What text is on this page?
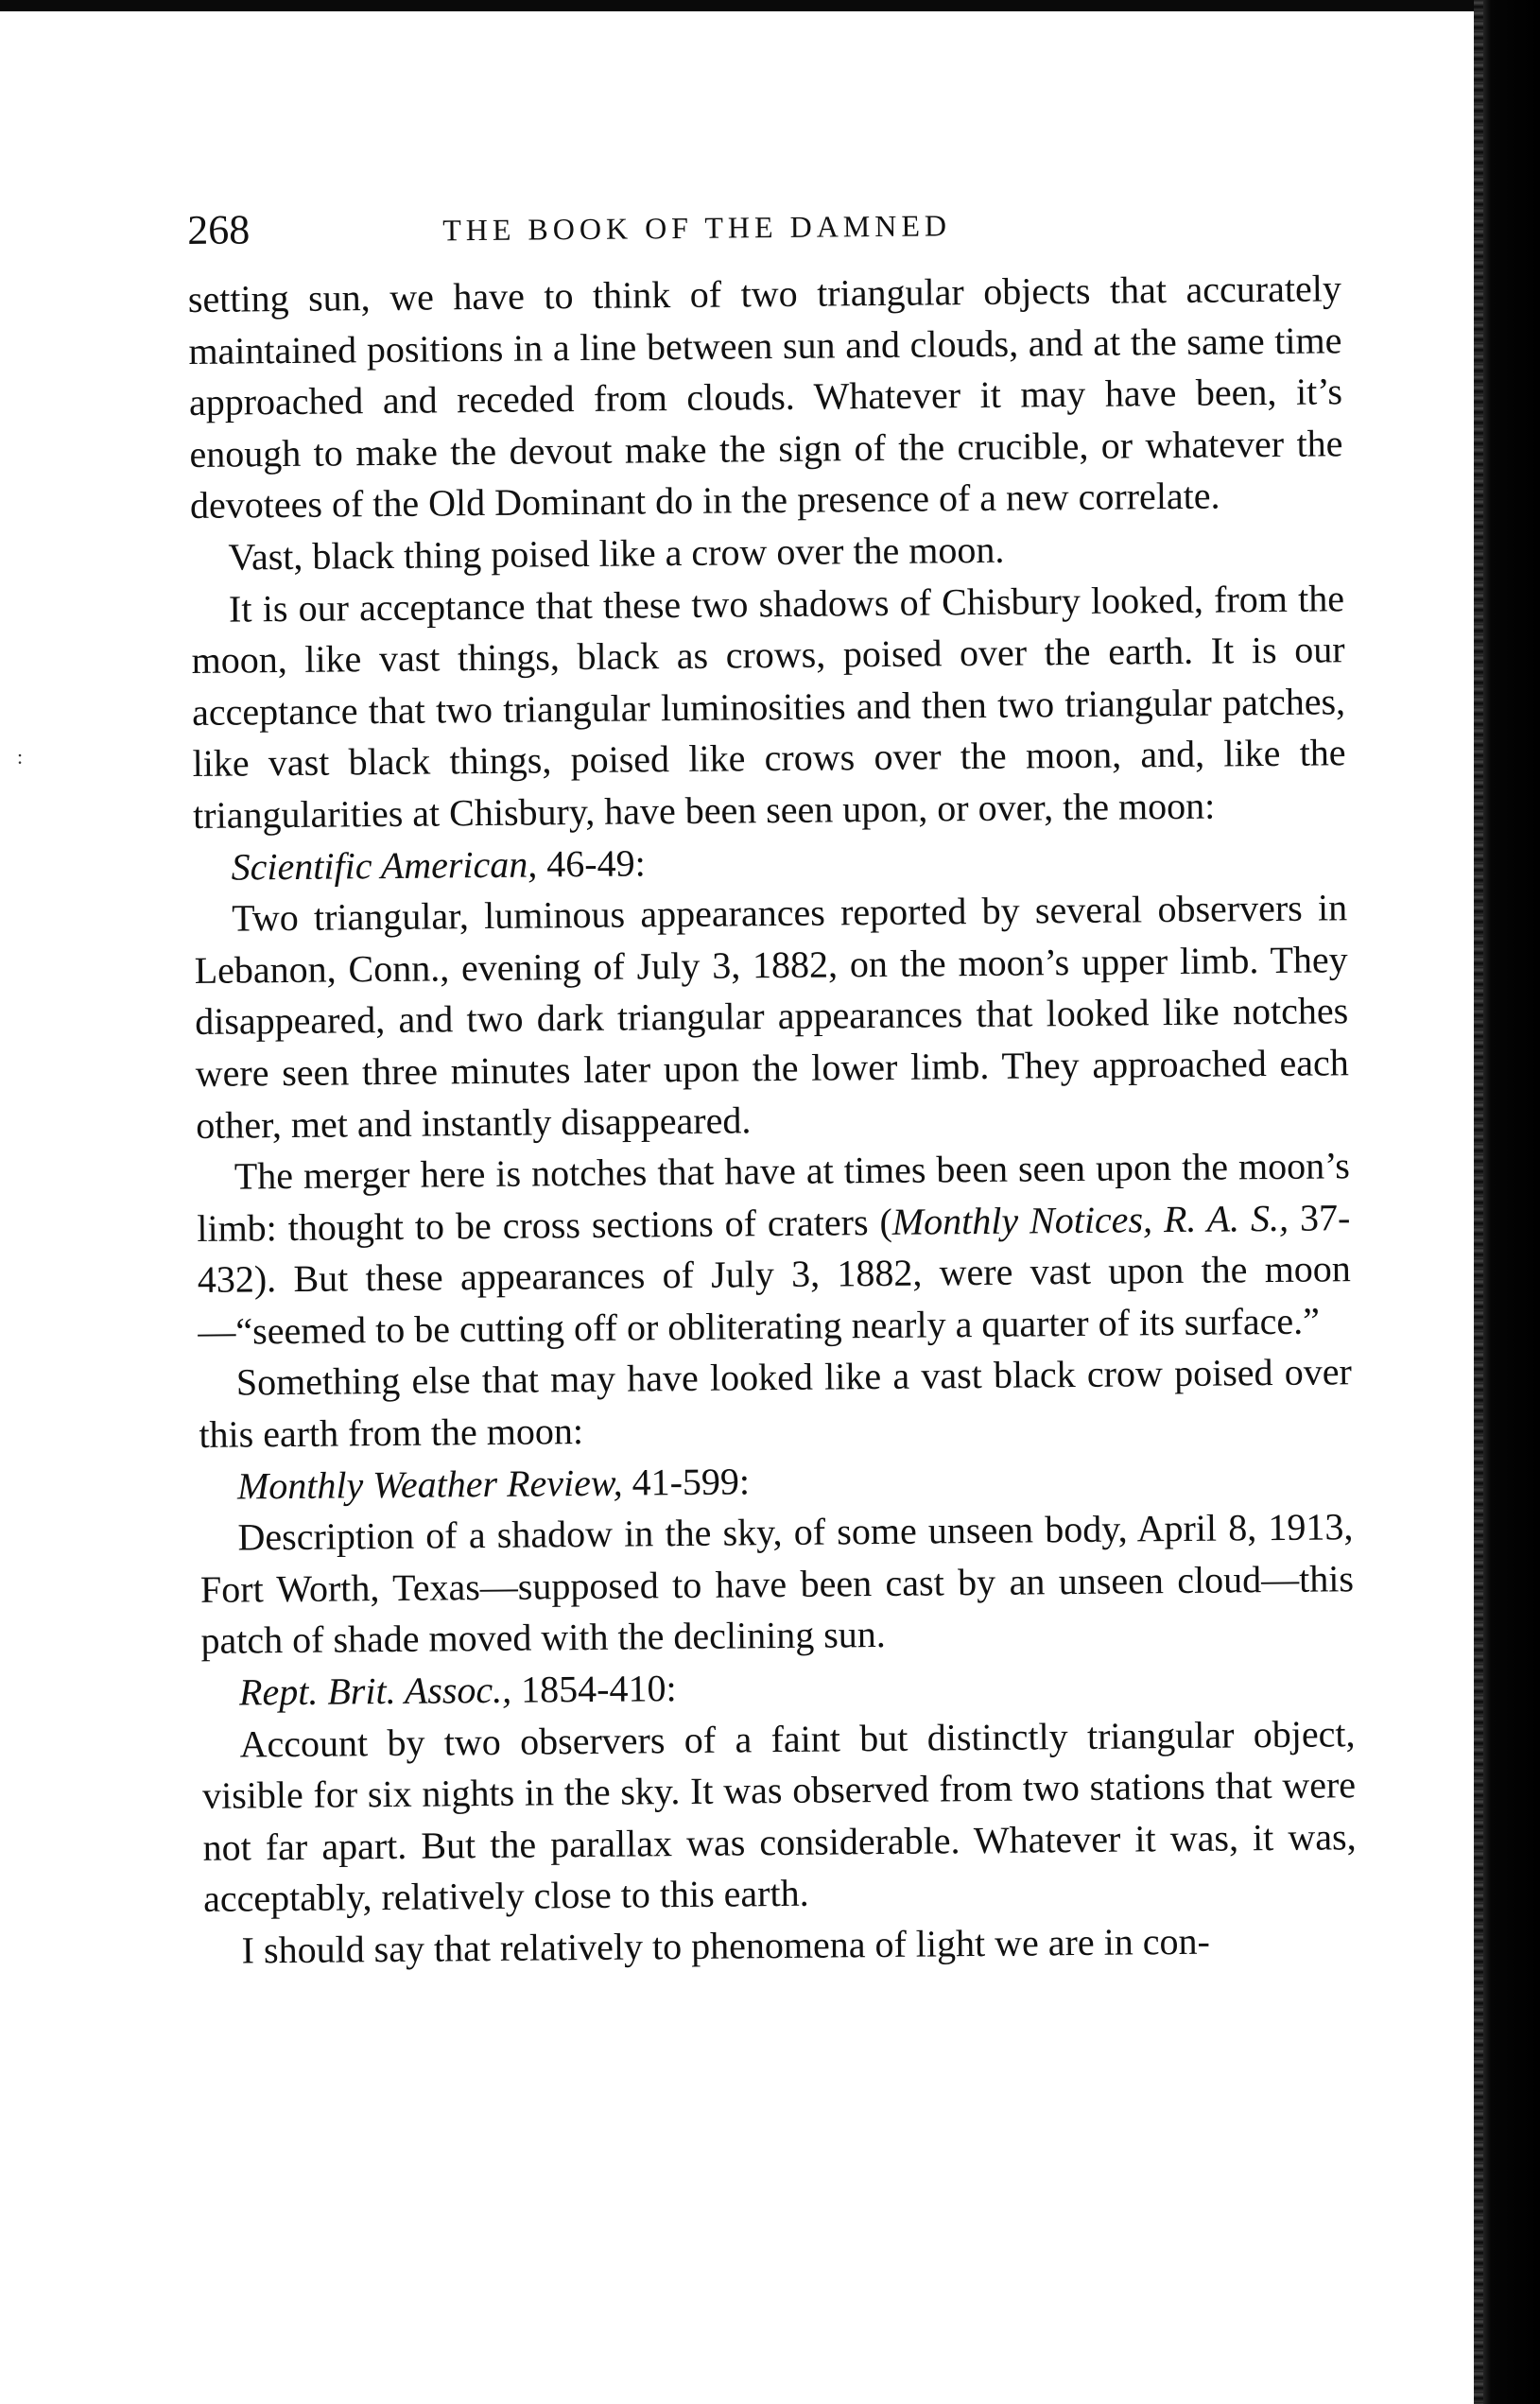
:
268	THE BOOK OF THE DAMNED

setting sun, we have to think of two triangular objects that accurately maintained positions in a line between sun and clouds, and at the same time approached and receded from clouds. Whatever it may have been, it’s enough to make the devout make the sign of the crucible, or whatever the devotees of the Old Dominant do in the presence of a new correlate.

Vast, black thing poised like a crow over the moon.

It is our acceptance that these two shadows of Chisbury looked, from the moon, like vast things, black as crows, poised over the earth. It is our acceptance that two triangular luminosities and then two triangular patches, like vast black things, poised like crows over the moon, and, like the triangularities at Chisbury, have been seen upon, or over, the moon:

Scientific American, 46-49:

Two triangular, luminous appearances reported by several observers in Lebanon, Conn., evening of July 3, 1882, on the moon’s upper limb. They disappeared, and two dark triangular appearances that looked like notches were seen three minutes later upon the lower limb. They approached each other, met and instantly disappeared.

The merger here is notches that have at times been seen upon the moon’s limb: thought to be cross sections of craters (Monthly Notices, R. A. S., 37-432). But these appearances of July 3, 1882, were vast upon the moon—“seemed to be cutting off or obliterating nearly a quarter of its surface.”

Something else that may have looked like a vast black crow poised over this earth from the moon:

Monthly Weather Review, 41-599:

Description of a shadow in the sky, of some unseen body, April 8, 1913, Fort Worth, Texas—supposed to have been cast by an unseen cloud—this patch of shade moved with the declining sun.

Rept. Brit. Assoc., 1854-410:

Account by two observers of a faint but distinctly triangular object, visible for six nights in the sky. It was observed from two stations that were not far apart. But the parallax was considerable. Whatever it was, it was, acceptably, relatively close to this earth.

I should say that relatively to phenomena of light we are in con-
